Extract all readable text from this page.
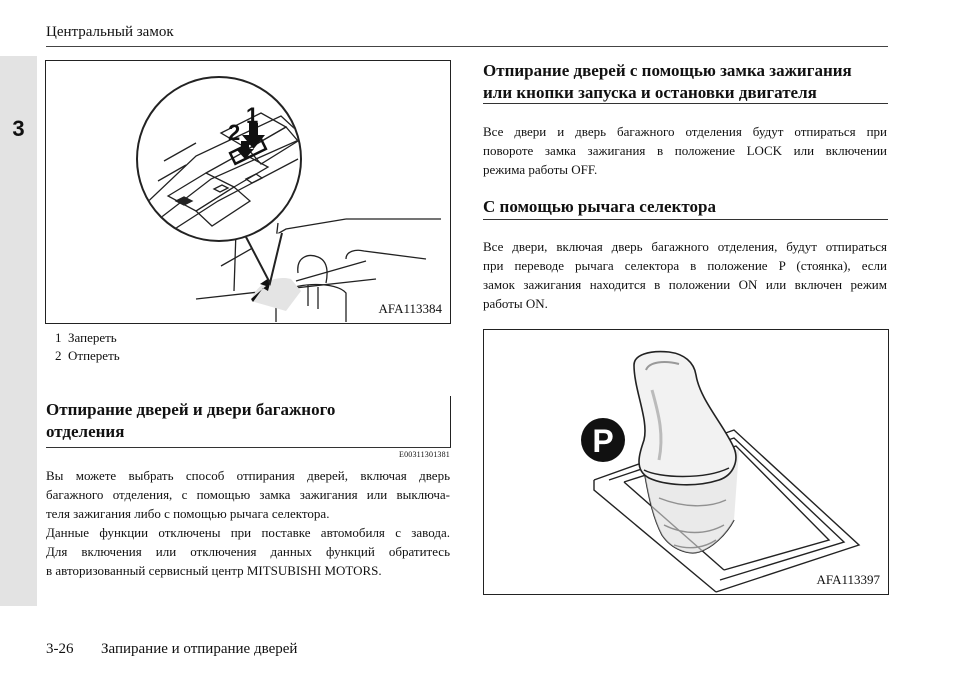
Центральный замок
3
1
2
AFA113384
1  Запереть
2  Отпереть
Отпирание дверей и двери багажного
отделения
E00311301381
Вы можете выбрать способ отпирания дверей, включая дверь
багажного отделения, с помощью замка зажигания или выключа-
теля зажигания либо с помощью рычага селектора.
Данные функции отключены при поставке автомобиля с завода.
Для включения или отключения данных функций обратитесь
в авторизованный сервисный центр MITSUBISHI MOTORS.
Отпирание дверей с помощью замка зажигания
или кнопки запуска и остановки двигателя
Все двери и дверь багажного отделения будут отпираться при
повороте замка зажигания в положение LOCK или включении
режима работы OFF.
С помощью рычага селектора
Все двери, включая дверь багажного отделения, будут отпираться
при переводе рычага селектора в положение P (стоянка), если
замок зажигания находится в положении ON или включен режим
работы ON.
P
AFA113397
3-26 Запирание и отпирание дверей
